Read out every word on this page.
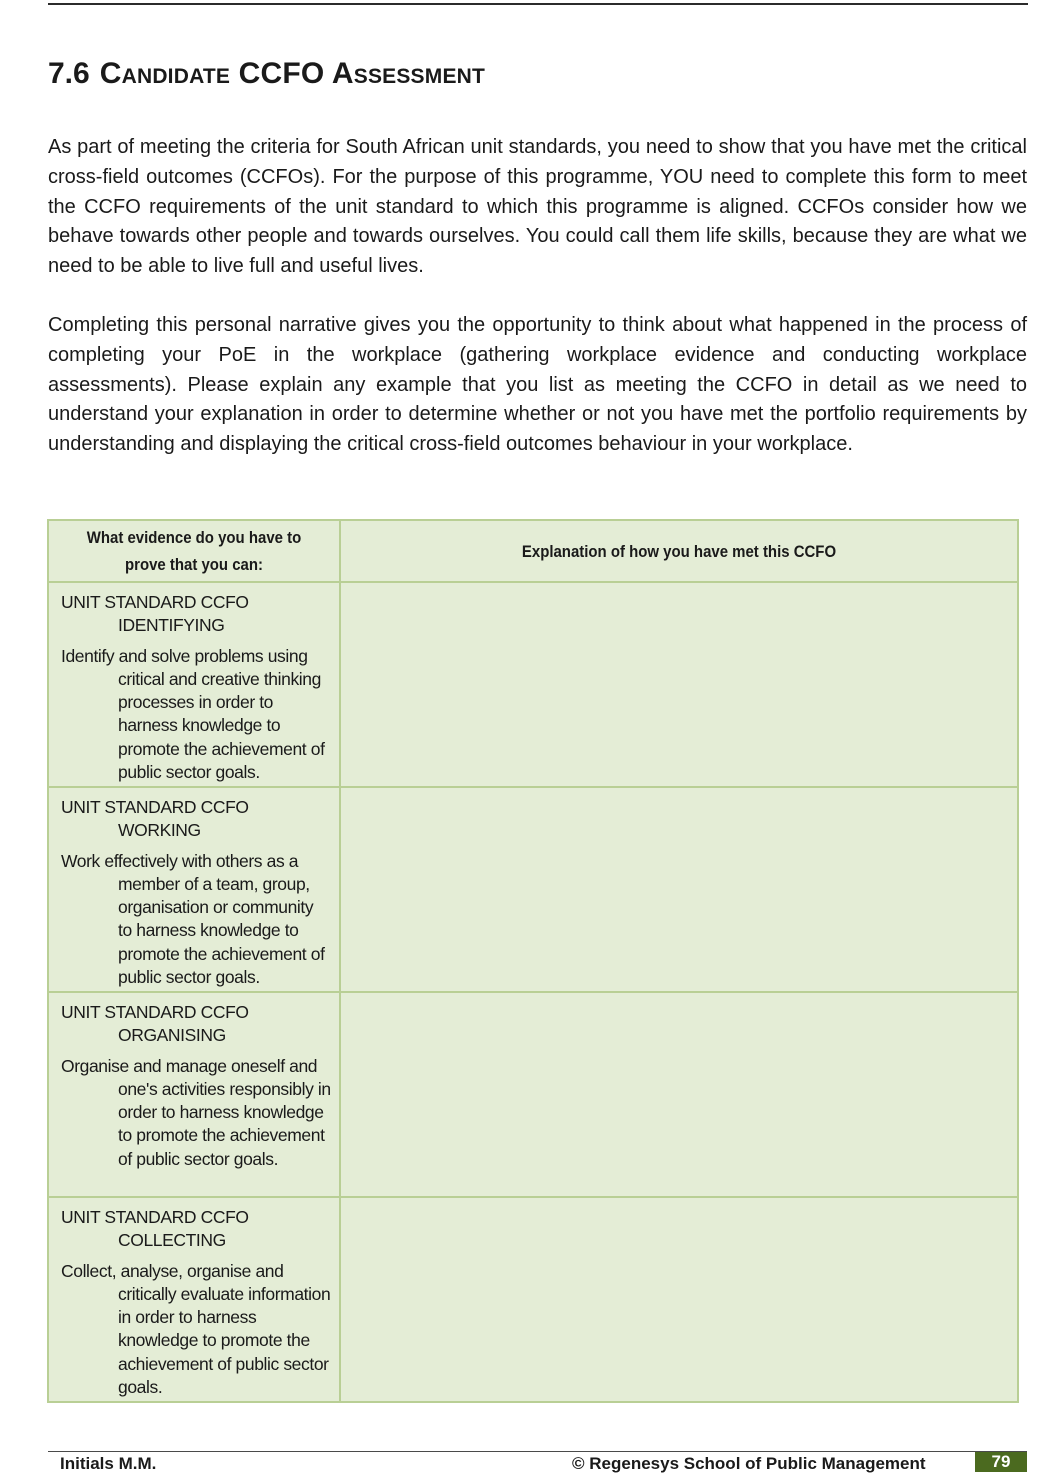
7.6 Candidate CCFO Assessment

As part of meeting the criteria for South African unit standards, you need to show that you have met the critical cross-field outcomes (CCFOs). For the purpose of this programme, YOU need to complete this form to meet the CCFO requirements of the unit standard to which this programme is aligned. CCFOs consider how we behave towards other people and towards ourselves. You could call them life skills, because they are what we need to be able to live full and useful lives.

Completing this personal narrative gives you the opportunity to think about what happened in the process of completing your PoE in the workplace (gathering workplace evidence and conducting workplace assessments). Please explain any example that you list as meeting the CCFO in detail as we need to understand your explanation in order to determine whether or not you have met the portfolio requirements by understanding and displaying the critical cross-field outcomes behaviour in your workplace.

What evidence do you have to prove that you can:	Explanation of how you have met this CCFO

UNIT STANDARD CCFO IDENTIFYING

Identify and solve problems using critical and creative thinking processes in order to harness knowledge to promote the achievement of public sector goals.	

UNIT STANDARD CCFO WORKING

Work effectively with others as a member of a team, group, organisation or community to harness knowledge to promote the achievement of public sector goals.	

UNIT STANDARD CCFO ORGANISING

Organise and manage oneself and one's activities responsibly in order to harness knowledge to promote the achievement of public sector goals.	

UNIT STANDARD CCFO COLLECTING

Collect, analyse, organise and critically evaluate information in order to harness knowledge to promote the achievement of public sector goals.	

Initials M.M.	© Regenesys School of Public Management	79
